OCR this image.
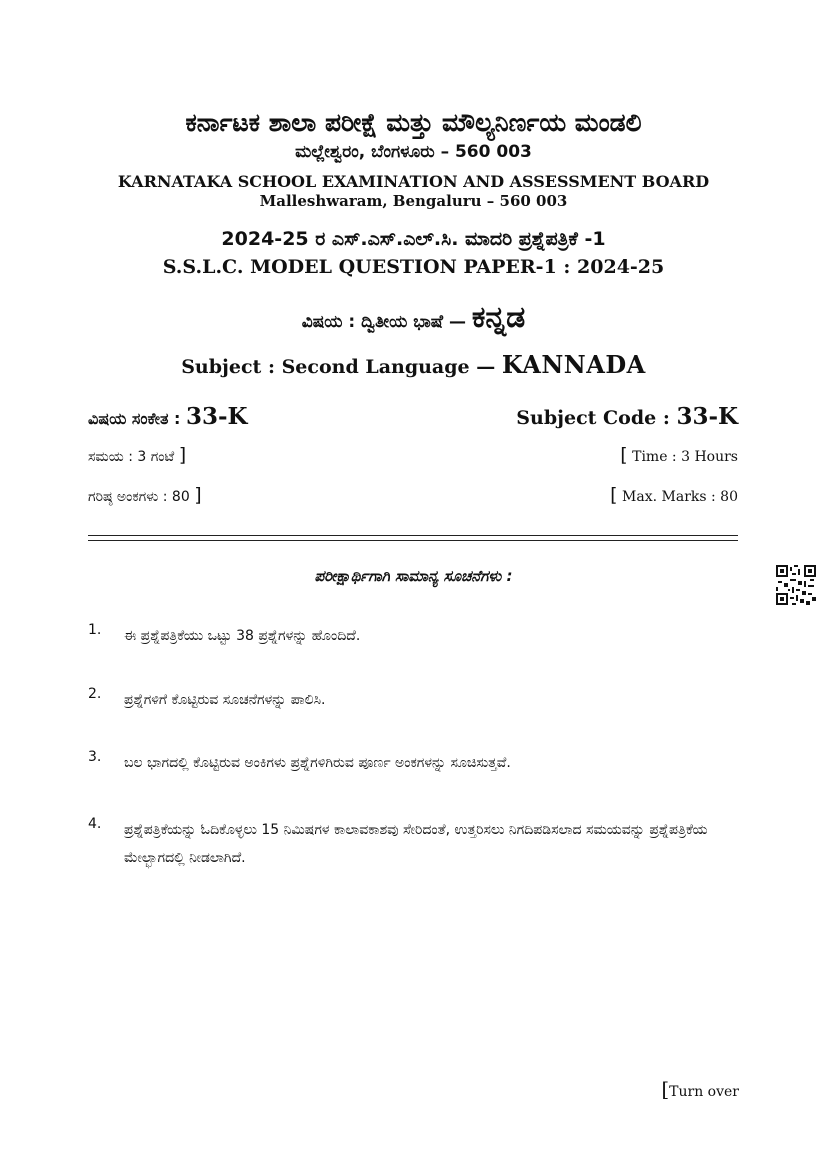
ಕರ್ನಾಟಕ ಶಾಲಾ ಪರೀಕ್ಷೆ ಮತ್ತು ಮೌಲ್ಯನಿರ್ಣಯ ಮಂಡಲಿ
ಮಲ್ಲೇಶ್ವರಂ, ಬೆಂಗಳೂರು – 560 003
KARNATAKA SCHOOL EXAMINATION AND ASSESSMENT BOARD
Malleshwaram, Bengaluru – 560 003
2024-25 ರ ಎಸ್.ಎಸ್.ಎಲ್.ಸಿ. ಮಾದರಿ ಪ್ರಶ್ನೆಪತ್ರಿಕೆ -1
S.S.L.C. MODEL QUESTION PAPER-1 : 2024-25
ವಿಷಯ : ದ್ವಿತೀಯ ಭಾಷೆ — ಕನ್ನಡ
Subject : Second Language — KANNADA
ವಿಷಯ ಸಂಕೇತ : 33-K	Subject Code : 33-K
ಸಮಯ : 3 ಗಂಟೆ ]	[ Time : 3 Hours
ಗರಿಷ್ಠ ಅಂಕಗಳು : 80 ]	[ Max. Marks : 80
ಪರೀಕ್ಷಾರ್ಥಿಗಾಗಿ ಸಾಮಾನ್ಯ ಸೂಚನೆಗಳು :
1.	ಈ ಪ್ರಶ್ನೆಪತ್ರಿಕೆಯು ಒಟ್ಟು 38 ಪ್ರಶ್ನೆಗಳನ್ನು ಹೊಂದಿದೆ.
2.	ಪ್ರಶ್ನೆಗಳಿಗೆ ಕೊಟ್ಟಿರುವ ಸೂಚನೆಗಳನ್ನು ಪಾಲಿಸಿ.
3.	ಬಲ ಭಾಗದಲ್ಲಿ ಕೊಟ್ಟಿರುವ ಅಂಕಿಗಳು ಪ್ರಶ್ನೆಗಳಿಗಿರುವ ಪೂರ್ಣ ಅಂಕಗಳನ್ನು ಸೂಚಿಸುತ್ತವೆ.
4.	ಪ್ರಶ್ನೆಪತ್ರಿಕೆಯನ್ನು ಓದಿಕೊಳ್ಳಲು 15 ನಿಮಿಷಗಳ ಕಾಲಾವಕಾಶವು ಸೇರಿದಂತೆ, ಉತ್ತರಿಸಲು ನಿಗದಿಪಡಿಸಲಾದ ಸಮಯವನ್ನು ಪ್ರಶ್ನೆಪತ್ರಿಕೆಯ ಮೇಲ್ಭಾಗದಲ್ಲಿ ನೀಡಲಾಗಿದೆ.
[Turn over
